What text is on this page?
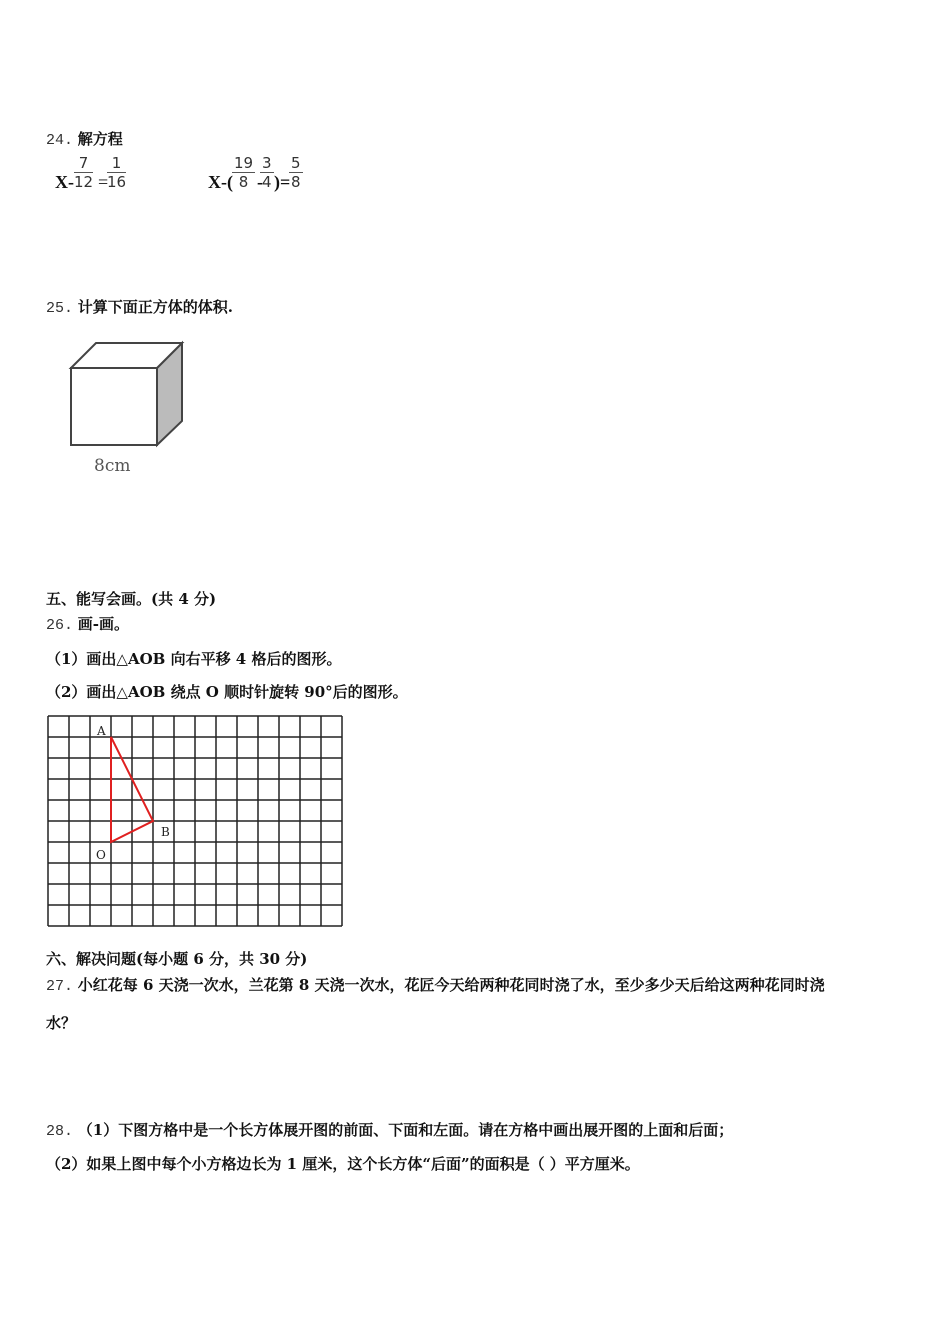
24. 解方程
$X- \frac{7}{12}$ =
$\frac{1}{16}$	$X-( \frac{19}{8}$ -
$\frac{3}{4}$ )=
$\frac{5}{8}$
25. 计算下面正方体的体积.
8cm
五、能写会画。(共 4 分)
26. 画-画。
（1）画出△AOB 向右平移 4 格后的图形。
（2）画出△AOB 绕点 O 顺时针旋转 90°后的图形。
A
B
O
六、解决问题(每小题 6 分，共 30 分)
27. 小红花每 6 天浇一次水，兰花第 8 天浇一次水，花匠今天给两种花同时浇了水，至少多少天后给这两种花同时浇
水？
28. （1）下图方格中是一个长方体展开图的前面、下面和左面。请在方格中画出展开图的上面和后面；
（2）如果上图中每个小方格边长为 1 厘米，这个长方体“后面”的面积是（ ）平方厘米。
